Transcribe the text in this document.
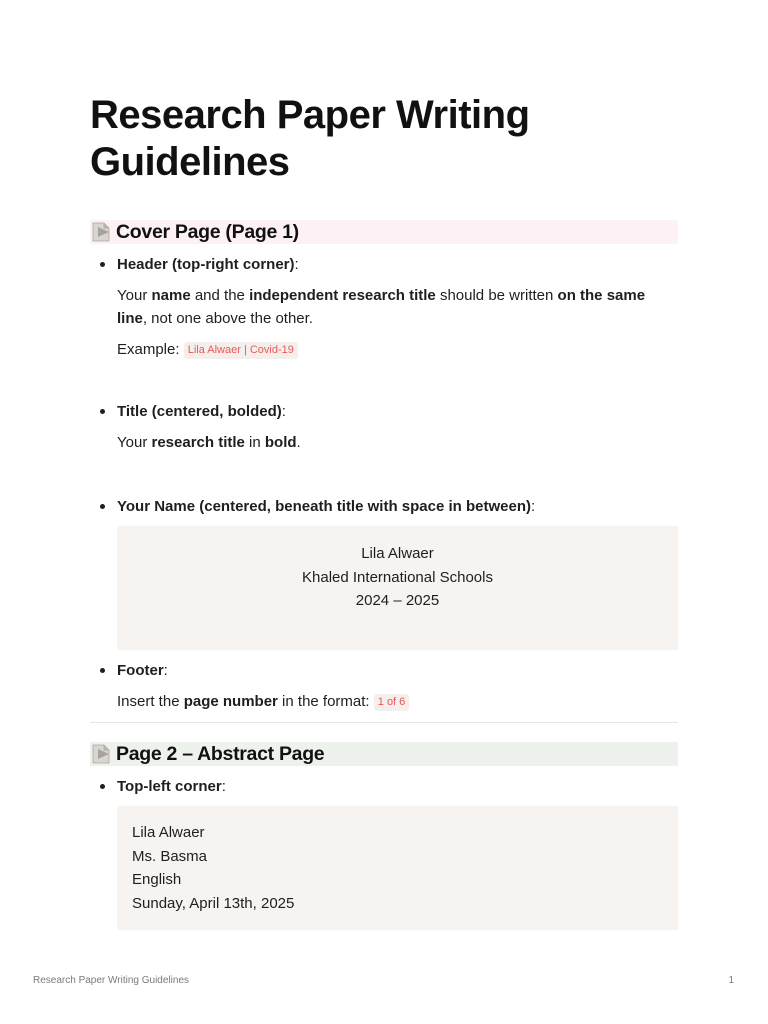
Research Paper Writing
Guidelines
Cover Page (Page 1)

Header (top-right corner):

Your name and the independent research title should be written on the same line, not one above the other.

Example: Lila Alwaer | Covid-19

Title (centered, bolded):

Your research title in bold.

Your Name (centered, beneath title with space in between):

Lila Alwaer
Khaled International Schools
2024 – 2025

Footer:

Insert the page number in the format: 1 of 6

Page 2 – Abstract Page

Top-left corner:

Lila Alwaer
Ms. Basma
English
Sunday, April 13th, 2025
Research Paper Writing Guidelines	1
